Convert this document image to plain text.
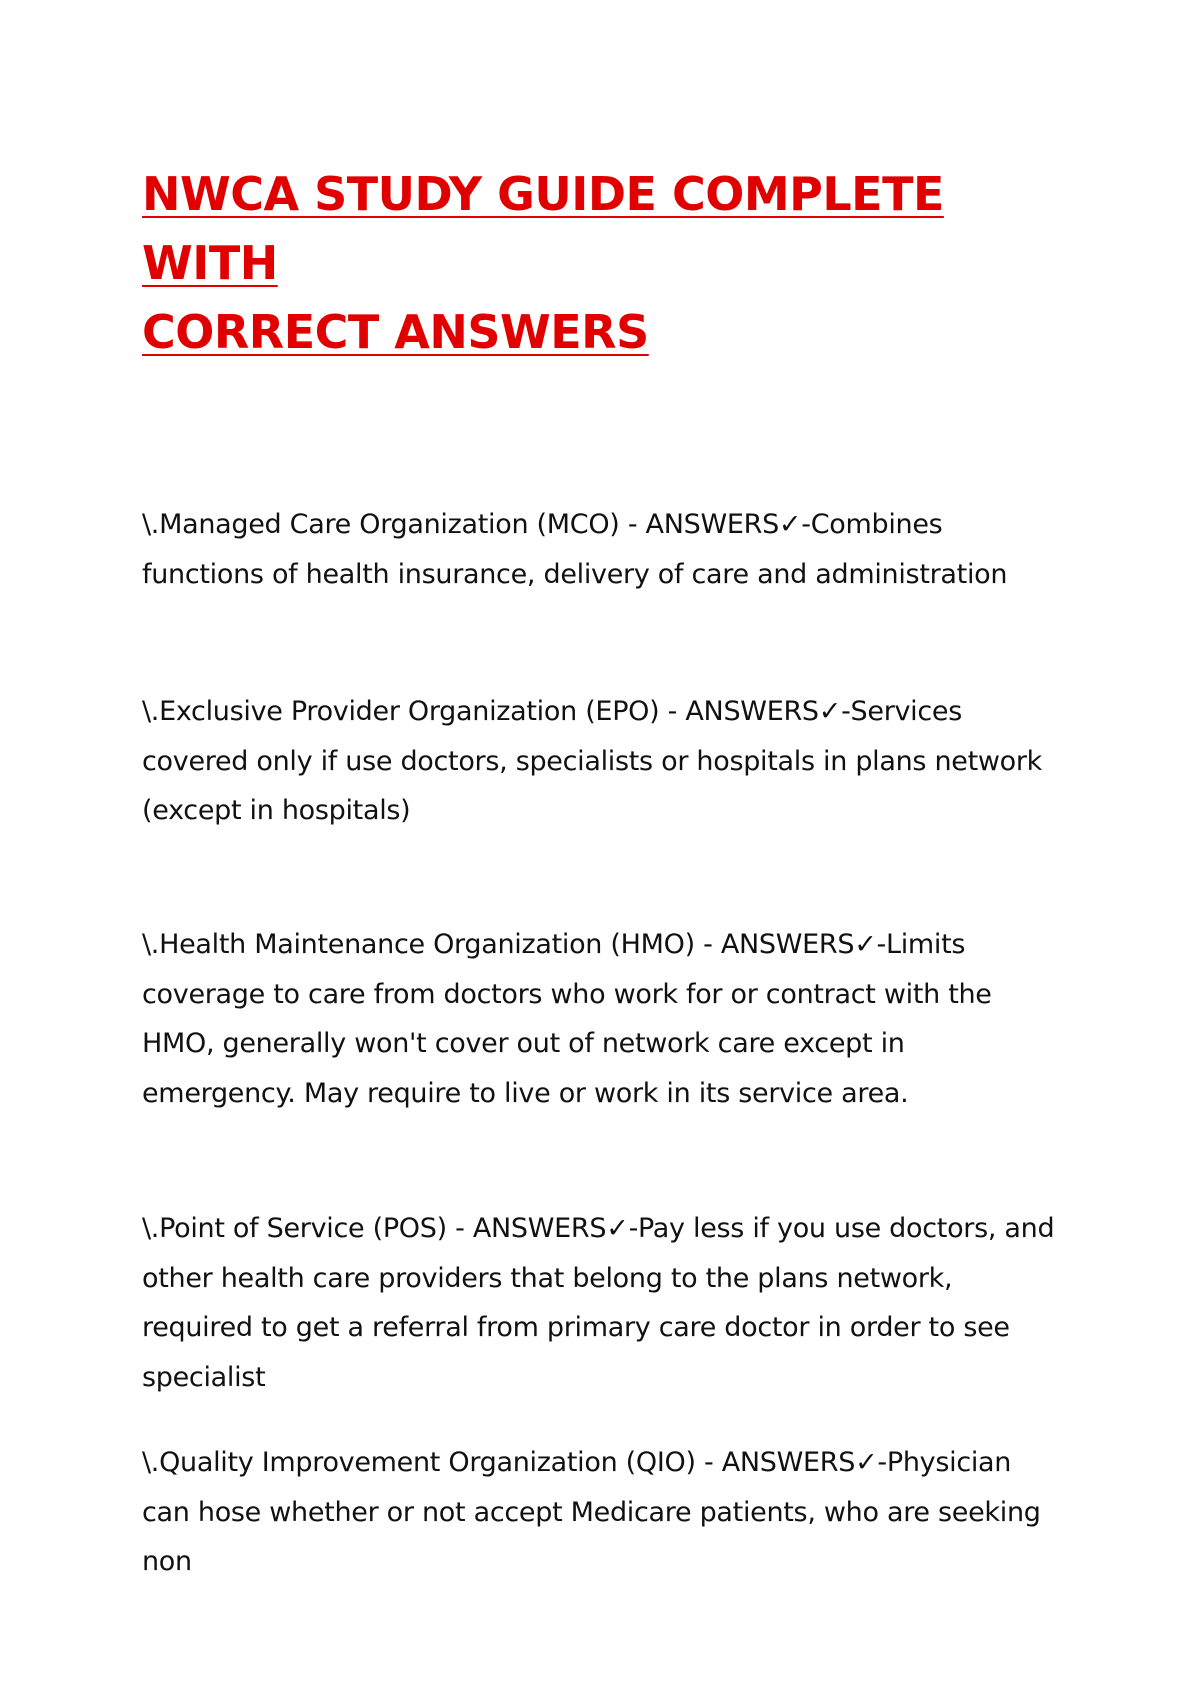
NWCA STUDY GUIDE COMPLETE WITH
CORRECT ANSWERS

\.Managed Care Organization (MCO) - ANSWERS✓-Combines functions of health insurance, delivery of care and administration

\.Exclusive Provider Organization (EPO) - ANSWERS✓-Services covered only if use doctors, specialists or hospitals in plans network (except in hospitals)

\.Health Maintenance Organization (HMO) - ANSWERS✓-Limits coverage to care from doctors who work for or contract with the HMO, generally won't cover out of network care except in emergency. May require to live or work in its service area.

\.Point of Service (POS) - ANSWERS✓-Pay less if you use doctors, and other health care providers that belong to the plans network, required to get a referral from primary care doctor in order to see specialist

\.Quality Improvement Organization (QIO) - ANSWERS✓-Physician can hose whether or not accept Medicare patients, who are seeking non
